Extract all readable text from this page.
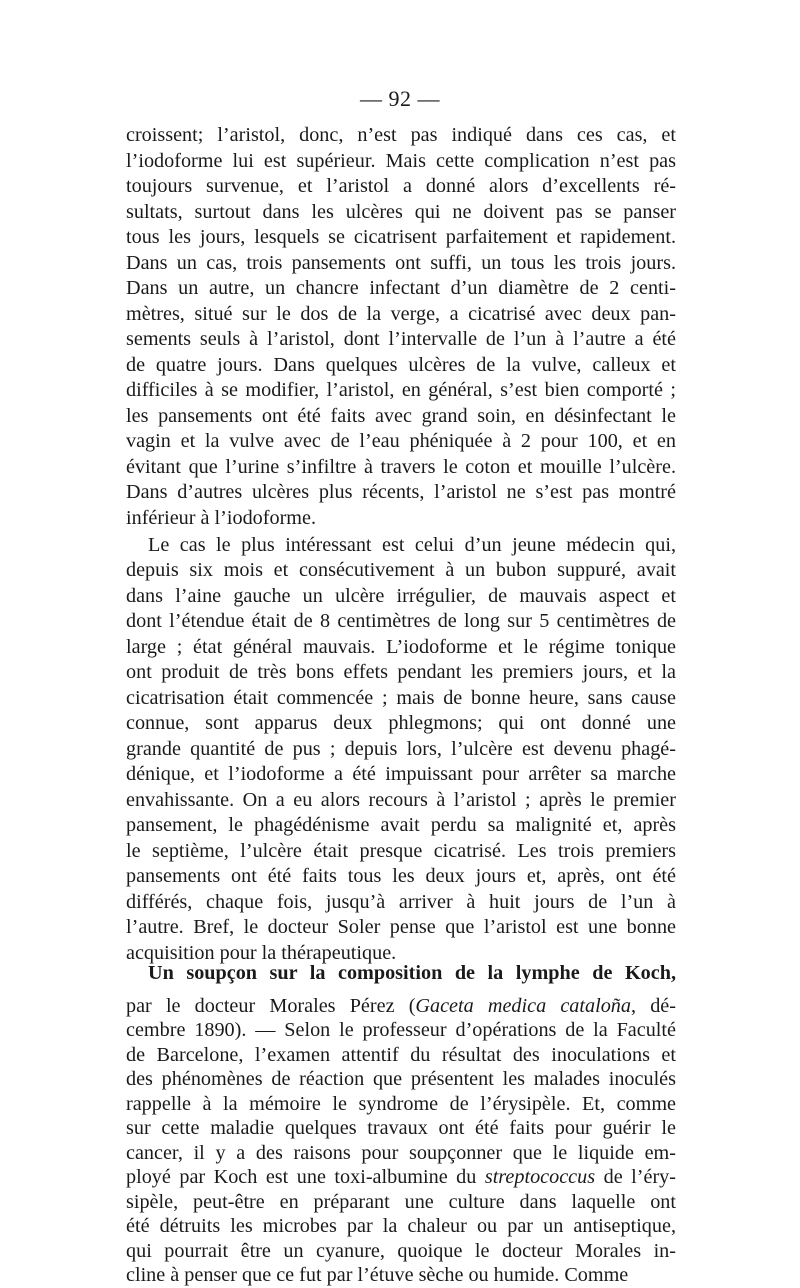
— 92 —
croissent; l’aristol, donc, n’est pas indiqué dans ces cas, et
l’iodoforme lui est supérieur. Mais cette complication n’est pas
toujours survenue, et l’aristol a donné alors d’excellents ré-
sultats, surtout dans les ulcères qui ne doivent pas se panser
tous les jours, lesquels se cicatrisent parfaitement et rapidement.
Dans un cas, trois pansements ont suffi, un tous les trois jours.
Dans un autre, un chancre infectant d’un diamètre de 2 centi-
mètres, situé sur le dos de la verge, a cicatrisé avec deux pan-
sements seuls à l’aristol, dont l’intervalle de l’un à l’autre a été
de quatre jours. Dans quelques ulcères de la vulve, calleux et
difficiles à se modifier, l’aristol, en général, s’est bien comporté ;
les pansements ont été faits avec grand soin, en désinfectant le
vagin et la vulve avec de l’eau phéniquée à 2 pour 100, et en
évitant que l’urine s’infiltre à travers le coton et mouille l’ulcère.
Dans d’autres ulcères plus récents, l’aristol ne s’est pas montré
inférieur à l’iodoforme.
Le cas le plus intéressant est celui d’un jeune médecin qui,
depuis six mois et consécutivement à un bubon suppuré, avait
dans l’aine gauche un ulcère irrégulier, de mauvais aspect et
dont l’étendue était de 8 centimètres de long sur 5 centimètres de
large ; état général mauvais. L’iodoforme et le régime tonique
ont produit de très bons effets pendant les premiers jours, et la
cicatrisation était commencée ; mais de bonne heure, sans cause
connue, sont apparus deux phlegmons; qui ont donné une
grande quantité de pus ; depuis lors, l’ulcère est devenu phagé-
dénique, et l’iodoforme a été impuissant pour arrêter sa marche
envahissante. On a eu alors recours à l’aristol ; après le premier
pansement, le phagédénisme avait perdu sa malignité et, après
le septième, l’ulcère était presque cicatrisé. Les trois premiers
pansements ont été faits tous les deux jours et, après, ont été
différés, chaque fois, jusqu’à arriver à huit jours de l’un à
l’autre. Bref, le docteur Soler pense que l’aristol est une bonne
acquisition pour la thérapeutique.
Un soupçon sur la composition de la lymphe de Koch,
par le docteur Morales Pérez (Gaceta medica cataloña, dé-
cembre 1890). — Selon le professeur d’opérations de la Faculté
de Barcelone, l’examen attentif du résultat des inoculations et
des phénomènes de réaction que présentent les malades inoculés
rappelle à la mémoire le syndrome de l’érysipèle. Et, comme
sur cette maladie quelques travaux ont été faits pour guérir le
cancer, il y a des raisons pour soupçonner que le liquide em-
ployé par Koch est une toxi-albumine du streptococcus de l’éry-
sipèle, peut-être en préparant une culture dans laquelle ont
été détruits les microbes par la chaleur ou par un antiseptique,
qui pourrait être un cyanure, quoique le docteur Morales in-
cline à penser que ce fut par l’étuve sèche ou humide. Comme
